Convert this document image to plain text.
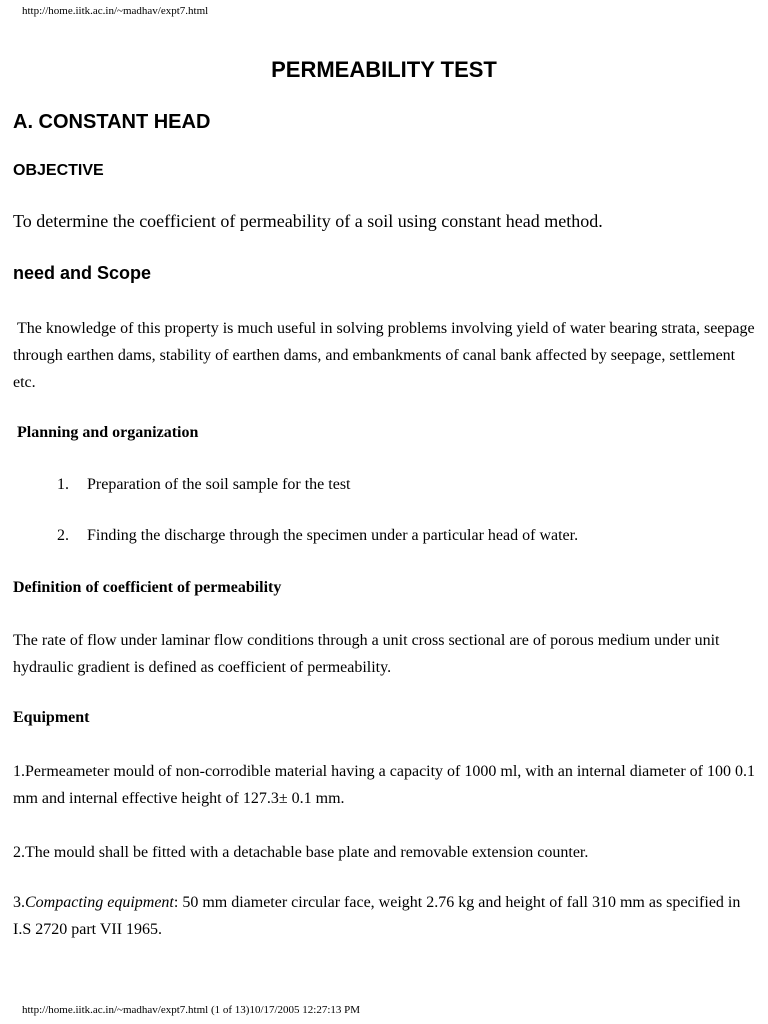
http://home.iitk.ac.in/~madhav/expt7.html
PERMEABILITY TEST
A. CONSTANT HEAD
OBJECTIVE
To determine the coefficient of permeability of a soil using constant head method.
need and Scope
The knowledge of this property is much useful in solving problems involving yield of water bearing strata, seepage through earthen dams, stability of earthen dams, and embankments of canal bank affected by seepage, settlement etc.
Planning and organization
1. Preparation of the soil sample for the test
2. Finding the discharge through the specimen under a particular head of water.
Definition of coefficient of permeability
The rate of flow under laminar flow conditions through a unit cross sectional are of porous medium under unit hydraulic gradient is defined as coefficient of permeability.
Equipment
1.Permeameter mould of non-corrodible material having a capacity of 1000 ml, with an internal diameter of 100 0.1 mm and internal effective height of 127.3± 0.1 mm.
2.The mould shall be fitted with a detachable base plate and removable extension counter.
3.Compacting equipment: 50 mm diameter circular face, weight 2.76 kg and height of fall 310 mm as specified in I.S 2720 part VII 1965.
http://home.iitk.ac.in/~madhav/expt7.html (1 of 13)10/17/2005 12:27:13 PM
